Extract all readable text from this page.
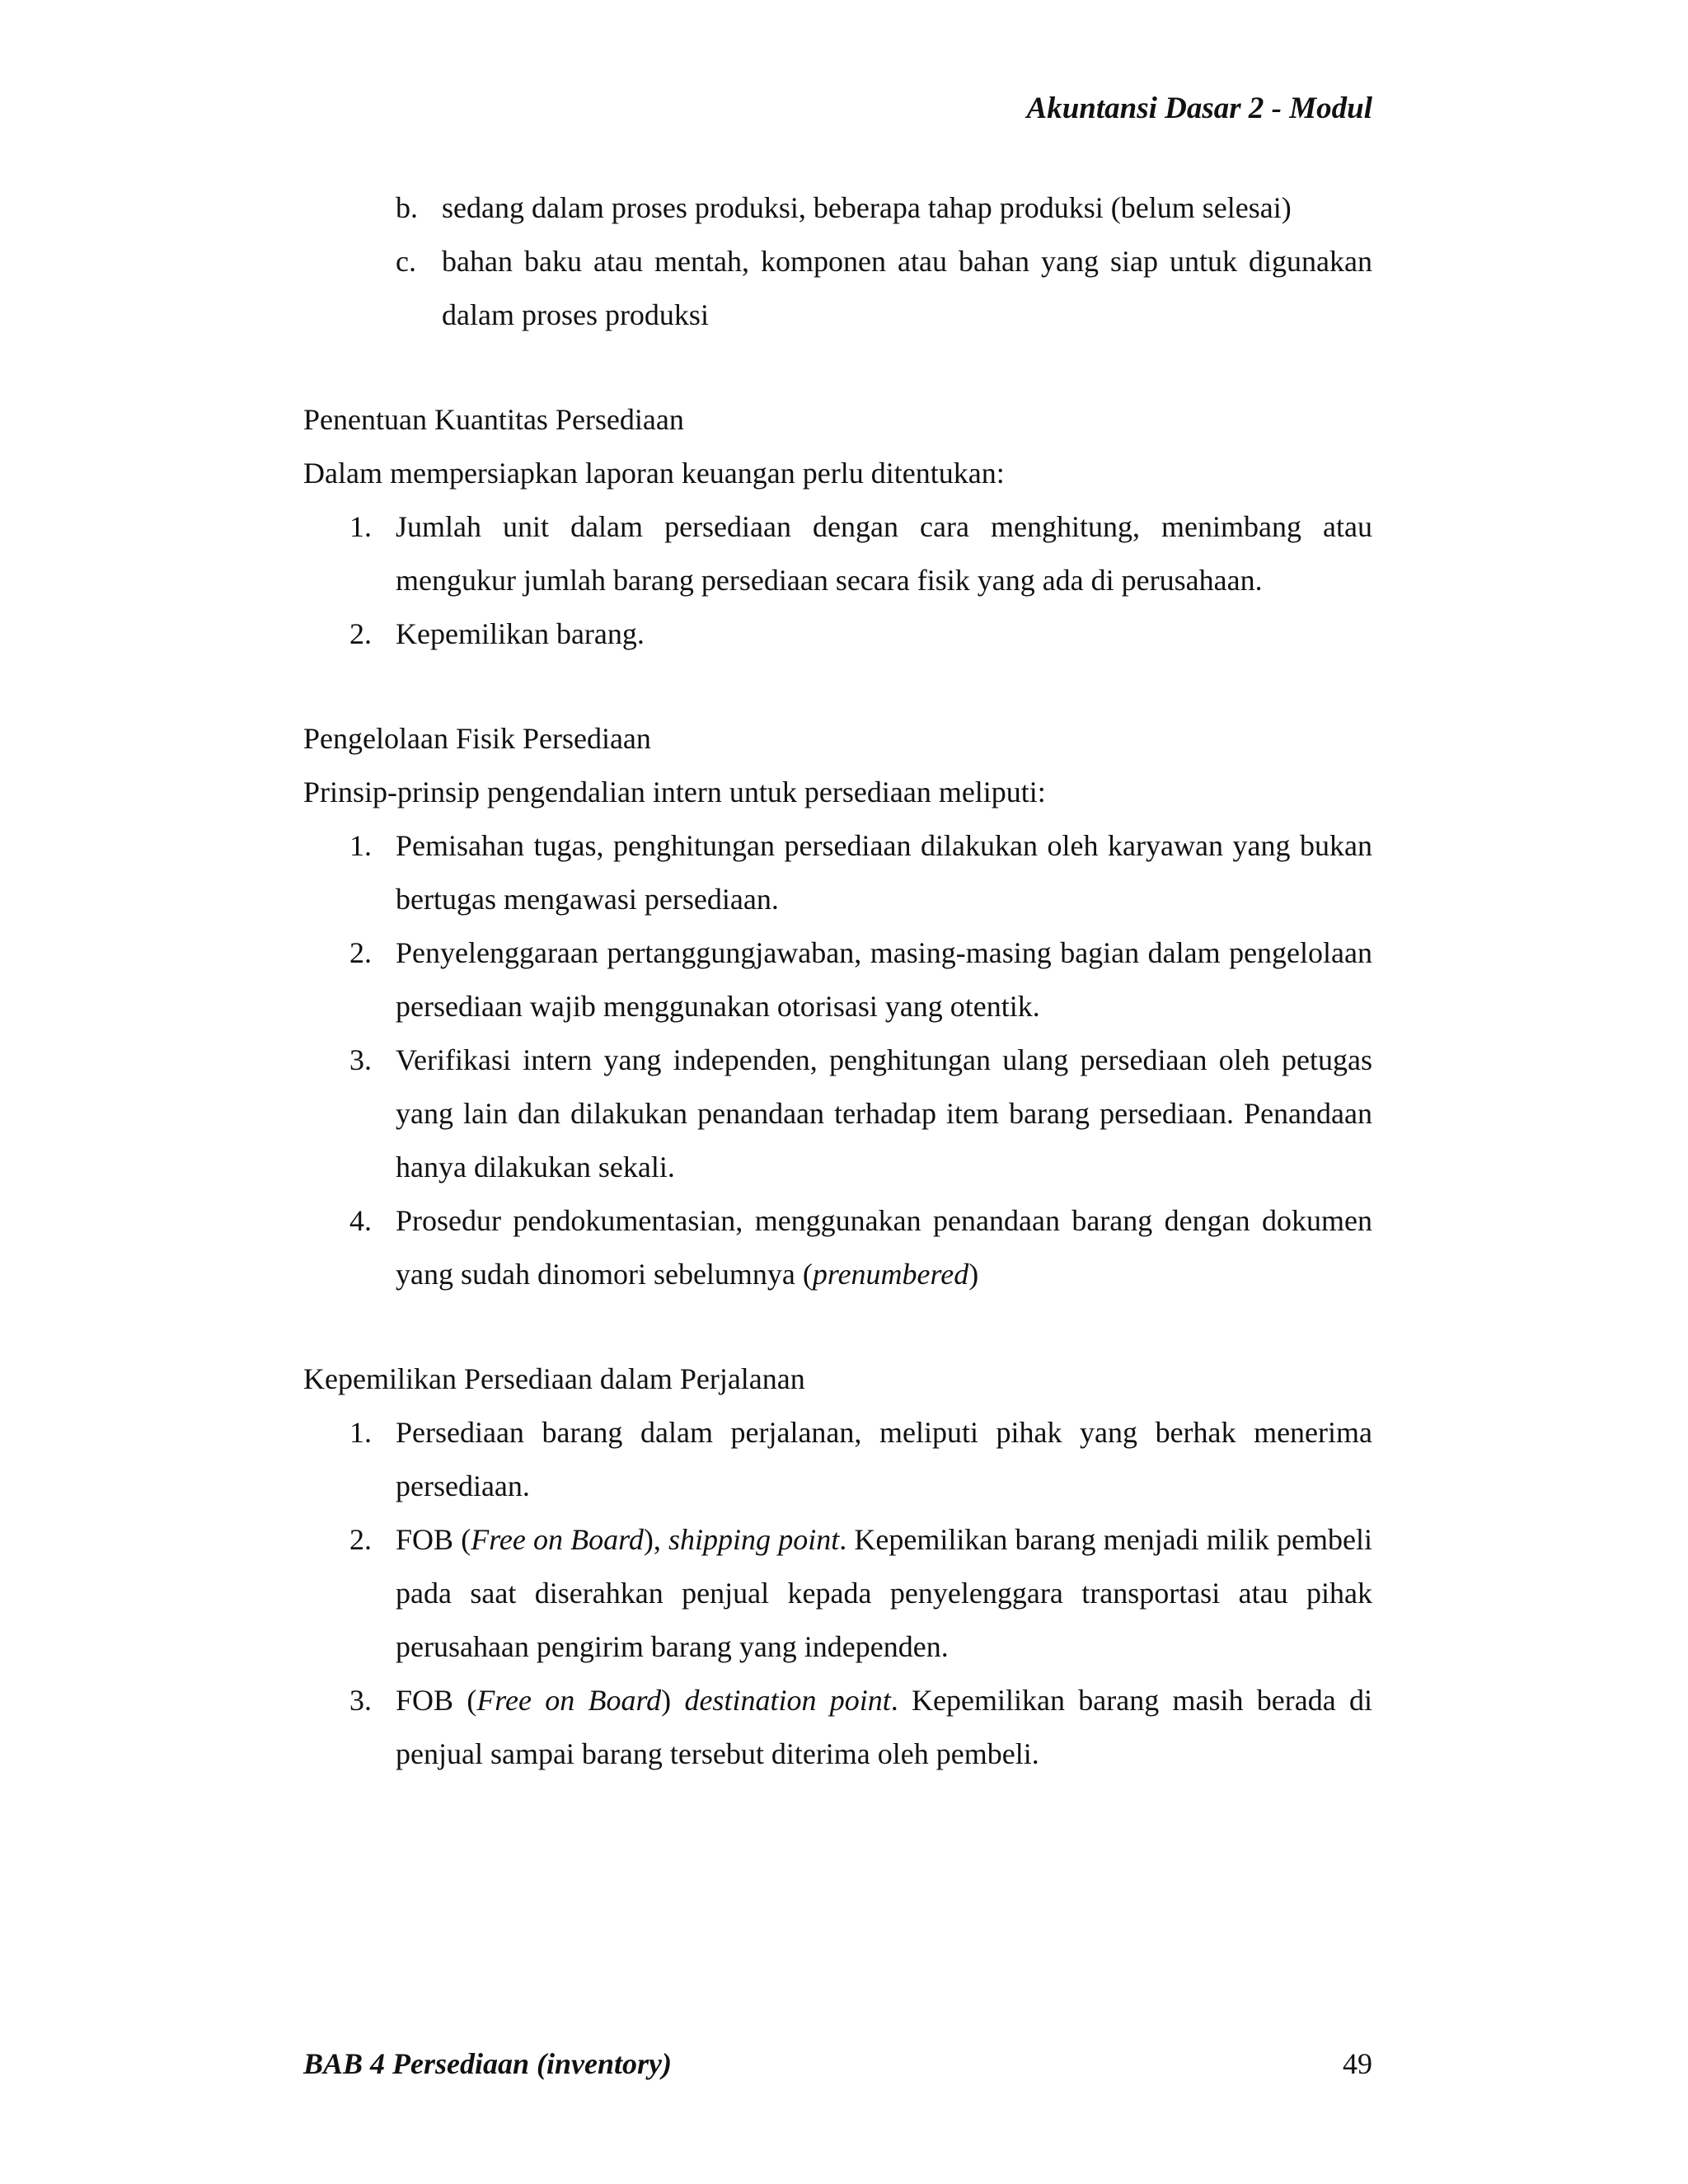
Akuntansi Dasar 2 - Modul
b. sedang dalam proses produksi, beberapa tahap produksi (belum selesai)
c. bahan baku atau mentah, komponen atau bahan yang siap untuk digunakan dalam proses produksi

Penentuan Kuantitas Persediaan

Dalam mempersiapkan laporan keuangan perlu ditentukan:

1. Jumlah unit dalam persediaan dengan cara menghitung, menimbang atau mengukur jumlah barang persediaan secara fisik yang ada di perusahaan.
2. Kepemilikan barang.

Pengelolaan Fisik Persediaan

Prinsip-prinsip pengendalian intern untuk persediaan meliputi:

1. Pemisahan tugas, penghitungan persediaan dilakukan oleh karyawan yang bukan bertugas mengawasi persediaan.
2. Penyelenggaraan pertanggungjawaban, masing-masing bagian dalam pengelolaan persediaan wajib menggunakan otorisasi yang otentik.
3. Verifikasi intern yang independen, penghitungan ulang persediaan oleh petugas yang lain dan dilakukan penandaan terhadap item barang persediaan. Penandaan hanya dilakukan sekali.
4. Prosedur pendokumentasian, menggunakan penandaan barang dengan dokumen yang sudah dinomori sebelumnya (prenumbered)

Kepemilikan Persediaan dalam Perjalanan

1. Persediaan barang dalam perjalanan, meliputi pihak yang berhak menerima persediaan.
2. FOB (Free on Board), shipping point. Kepemilikan barang menjadi milik pembeli pada saat diserahkan penjual kepada penyelenggara transportasi atau pihak perusahaan pengirim barang yang independen.
3. FOB (Free on Board) destination point. Kepemilikan barang masih berada di penjual sampai barang tersebut diterima oleh pembeli.
BAB 4 Persediaan (inventory)	49
